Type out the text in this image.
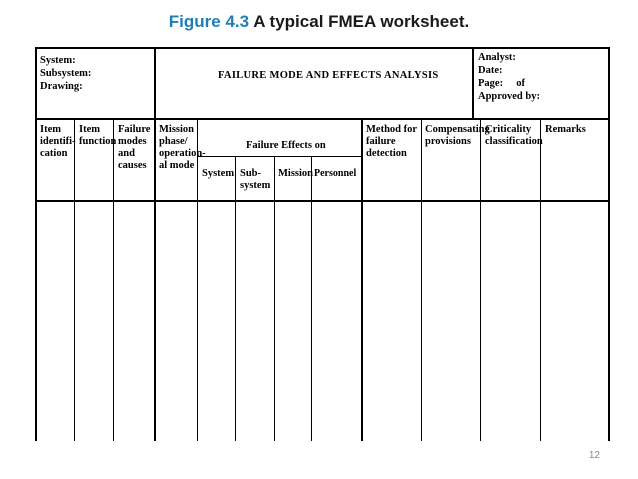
Figure 4.3 A typical FMEA worksheet.
System:
Subsystem:
Drawing:
FAILURE MODE AND EFFECTS ANALYSIS
Analyst:
Date:
Page:     of
Approved by:
Item
identifi-
cation
Item
function
Failure
modes
and
causes
Mission
phase/
operation-
al mode
Failure Effects on
System Sub-
system
Mission Personnel
Method for
failure
detection
Compensating
provisions
Criticality
classification
Remarks
12
